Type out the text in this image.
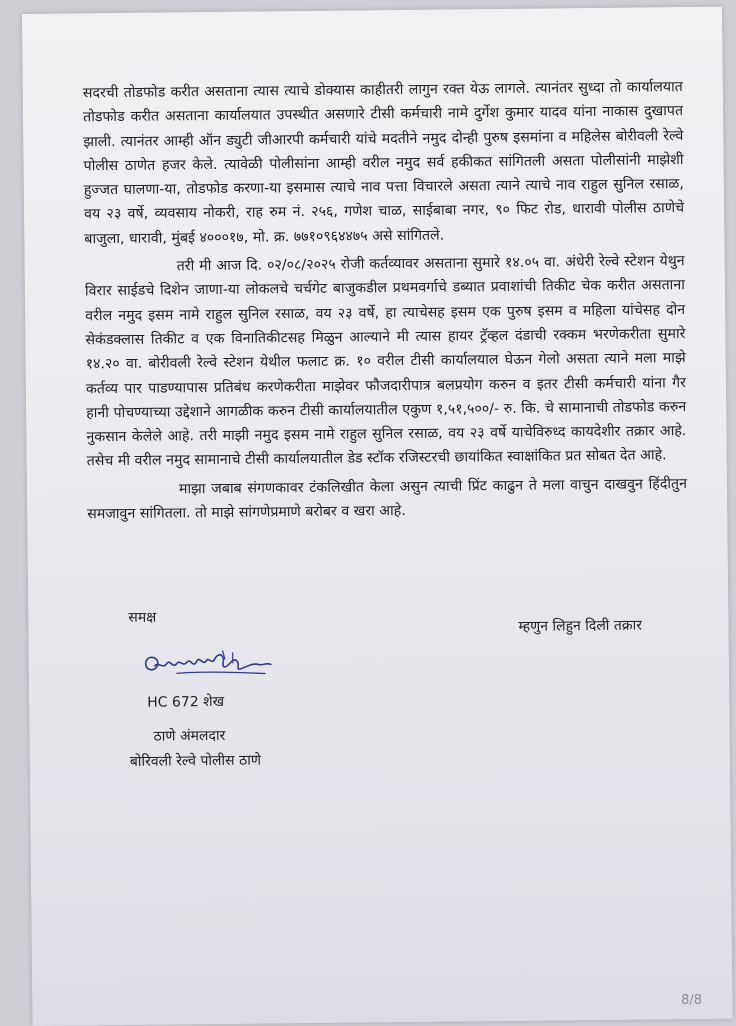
सदरची तोडफोड करीत असताना त्यास त्याचे डोक्यास काहीतरी लागुन रक्त येऊ लागले. त्यानंतर सुध्दा तो कार्यालयात तोडफोड करीत असताना कार्यालयात उपस्थीत असणारे टीसी कर्मचारी नामे दुर्गेश कुमार यादव यांना नाकास दुखापत झाली. त्यानंतर आम्ही ऑन ड्युटी जीआरपी कर्मचारी यांचे मदतीने नमुद दोन्ही पुरुष इसमांना व महिलेस बोरीवली रेल्वे पोलीस ठाणेत हजर केले. त्यावेळी पोलीसांना आम्ही वरील नमुद सर्व हकीकत सांगितली असता पोलीसांनी माझेशी हुज्जत घालणा-या, तोडफोड करणा-या इसमास त्याचे नाव पत्ता विचारले असता त्याने त्याचे नाव राहुल सुनिल रसाळ, वय २३ वर्षे, व्यवसाय नोकरी, राह रुम नं. २५६, गणेश चाळ, साईबाबा नगर, ९० फिट रोड, धारावी पोलीस ठाणेचे बाजुला, धारावी, मुंबई ४०००१७, मो. क्र. ७७१०९६४४७५ असे सांगितले.

तरी मी आज दि. ०२/०८/२०२५ रोजी कर्तव्यावर असताना सुमारे १४.०५ वा. अंधेरी रेल्वे स्टेशन येथुन विरार साईडचे दिशेन जाणा-या लोकलचे चर्चगेट बाजुकडील प्रथमवर्गाचे डब्यात प्रवाशांची तिकीट चेक करीत असताना वरील नमुद इसम नामे राहुल सुनिल रसाळ, वय २३ वर्षे, हा त्याचेसह इसम एक पुरुष इसम व महिला यांचेसह दोन सेकंडक्लास तिकीट व एक विनातिकीटसह मिळुन आल्याने मी त्यास हायर ट्रॅव्हल दंडाची रक्कम भरणेकरीता सुमारे १४.२० वा. बोरीवली रेल्वे स्टेशन येथील फलाट क्र. १० वरील टीसी कार्यालयाल घेऊन गेलो असता त्याने मला माझे कर्तव्य पार पाडण्यापास प्रतिबंध करणेकरीता माझेवर फौजदारीपात्र बलप्रयोग करुन व इतर टीसी कर्मचारी यांना गैर हानी पोचण्याच्या उद्देशाने आगळीक करुन टीसी कार्यालयातील एकुण १,५१,५००/- रु. कि. चे सामानाची तोडफोड करुन नुकसान केलेले आहे. तरी माझी नमुद इसम नामे राहुल सुनिल रसाळ, वय २३ वर्षे याचेविरुध्द कायदेशीर तक्रार आहे. तसेच मी वरील नमुद सामानाचे टीसी कार्यालयातील डेड स्टॉक रजिस्टरची छायांकित स्वाक्षांकित प्रत सोबत देत आहे.

माझा जबाब संगणकावर टंकलिखीत केला असुन त्याची प्रिंट काढुन ते मला वाचुन दाखवुन हिंदीतुन समजावुन सांगितला. तो माझे सांगणेप्रमाणे बरोबर व खरा आहे.

समक्ष	म्हणुन लिहुन दिली तक्रार
HC 672 शेख
ठाणे अंमलदार
बोरिवली रेल्वे पोलीस ठाणे
8/8
